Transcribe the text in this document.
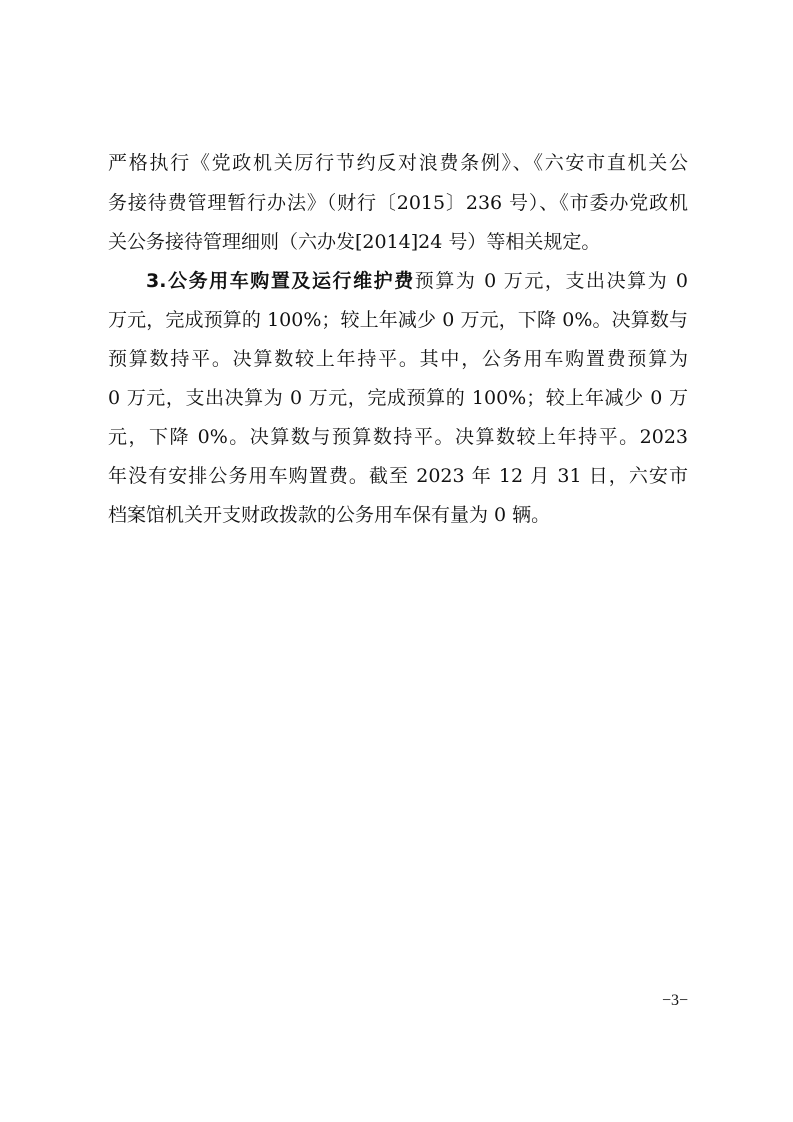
严格执行《党政机关厉行节约反对浪费条例》、《六安市直机关公
务接待费管理暂行办法》（财行〔2015〕236 号）、《市委办党政机
关公务接待管理细则（六办发[2014]24 号）等相关规定。
3.公务用车购置及运行维护费预算为 0 万元，支出决算为 0
万元，完成预算的 100%；较上年减少 0 万元，下降 0%。决算数与
预算数持平。决算数较上年持平。其中，公务用车购置费预算为
0 万元，支出决算为 0 万元，完成预算的 100%；较上年减少 0 万
元，下降 0%。决算数与预算数持平。决算数较上年持平。2023
年没有安排公务用车购置费。截至 2023 年 12 月 31 日，六安市
档案馆机关开支财政拨款的公务用车保有量为 0 辆。
−3−
